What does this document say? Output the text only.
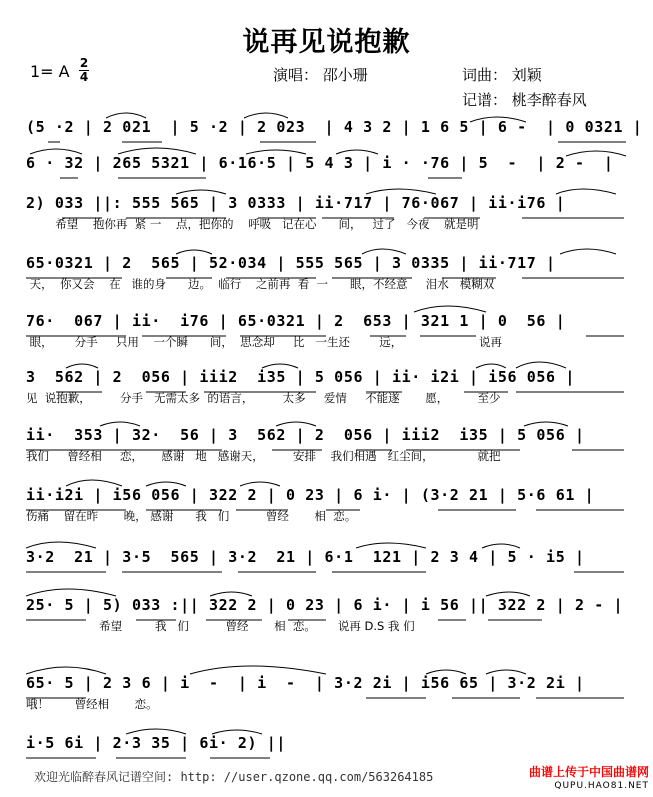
说再见说抱歉
1= A 2
4	演唱： 邵小珊	词曲： 刘颖
记谱： 桃李醉春风
(5 ·2 | 2 021  | 5 ·2 | 2 023  | 4 3 2 | 1 6 5 | 6 -  | 0 0321 |
6 · 32 | 265 5321 | 6·16·5 | 5 4 3 | i · ·76 | 5  -  | 2 -  |
2) 033 ||: 555 565 | 3 0333 | ii·717 | 76·067 | ii·i76 |
希望    抱你再  紧 一    点，把你的    呼吸   记在心      间，   过了   今夜    就是明
65·0321 | 2  565 | 52·034 | 555 565 | 3 0335 | ii·717 |
天，  你又会    在   谁的身      边。  临行    之前再  看  一      眼，不经意     泪水   模糊双
76·  067 | ii·  i76 | 65·0321 | 2  653 | 321 1 | 0  56 |
眼，      分手     只用    一个瞬      间，  思念却     比   一生还        远，                     说再
3  562 | 2  056 | iii2  i35 | 5 056 | ii· i2i | i56 056 |
见  说抱歉，        分手   无需太多  的语言，        太多     爱情     不能遂       愿，        至少
ii·  353 | 32·  56 | 3  562 | 2  056 | iii2  i35 | 5 056 |
我们     曾经相     恋，     感谢   地   感谢天，        安排    我们相遇   红尘间，            就把
ii·i2i | i56 056 | 322 2 | 0 23 | 6 i· | (3·2 21 | 5·6 61 |
伤痛    留在昨       晚， 感谢      我   们          曾经       相  恋。
3·2  21 | 3·5  565 | 3·2  21 | 6·1  121 | 2 3 4 | 5 · i5 |
25· 5 | 5) 033 :|| 322 2 | 0 23 | 6 i· | i 56 || 322 2 | 2 - |
希望         我   们          曾经       相  恋。      说再 D.S 我 们
65· 5 | 2 3 6 | i  -  | i  -  | 3·2 2i | i56 65 | 3·2 2i |
哦！       曾经相       恋。
i·5 6i | 2·3 35 | 6i· 2) ||
欢迎光临醉春风记谱空间: http: //user.qzone.qq.com/563264185	曲谱上传于中国曲谱网
QUPU.HAO81.NET
